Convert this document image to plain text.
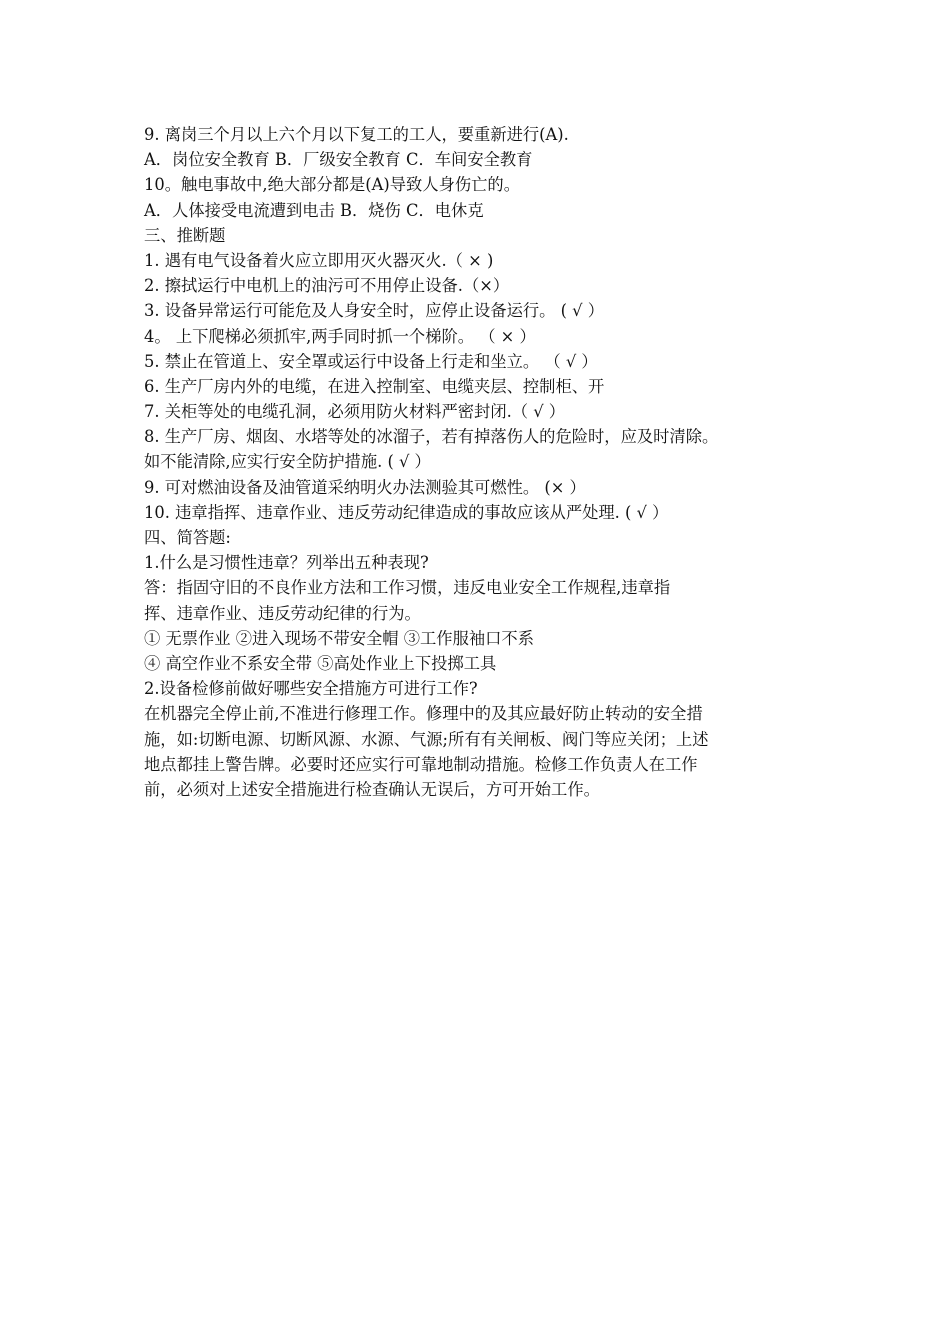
9. 离岗三个月以上六个月以下复工的工人，要重新进行(A).
A．岗位安全教育 B．厂级安全教育 C．车间安全教育
10。触电事故中,绝大部分都是(A)导致人身伤亡的。
A．人体接受电流遭到电击 B．烧伤 C．电休克
三、推断题
1. 遇有电气设备着火应立即用灭火器灭火.（ × )
2. 擦拭运行中电机上的油污可不用停止设备.（×）
3. 设备异常运行可能危及人身安全时，应停止设备运行。 ( √ ）
4。 上下爬梯必须抓牢,两手同时抓一个梯阶。 （ × ）
5. 禁止在管道上、安全罩或运行中设备上行走和坐立。 （ √ ）
6. 生产厂房内外的电缆，在进入控制室、电缆夹层、控制柜、开
7. 关柜等处的电缆孔洞，必须用防火材料严密封闭.（ √ ）
8. 生产厂房、烟囱、水塔等处的冰溜子，若有掉落伤人的危险时，应及时清除。
如不能清除,应实行安全防护措施. ( √ ）
9. 可对燃油设备及油管道采纳明火办法测验其可燃性。 (× ）
10. 违章指挥、违章作业、违反劳动纪律造成的事故应该从严处理. ( √ ）
四、简答题:
1.什么是习惯性违章？列举出五种表现?
答：指固守旧的不良作业方法和工作习惯，违反电业安全工作规程,违章指
挥、违章作业、违反劳动纪律的行为。
① 无票作业 ②进入现场不带安全帽 ③工作服袖口不系
④ 高空作业不系安全带 ⑤高处作业上下投掷工具
2.设备检修前做好哪些安全措施方可进行工作?
在机器完全停止前,不准进行修理工作。修理中的及其应最好防止转动的安全措
施，如:切断电源、切断风源、水源、气源;所有有关闸板、阀门等应关闭；上述
地点都挂上警告牌。必要时还应实行可靠地制动措施。检修工作负责人在工作
前，必须对上述安全措施进行检查确认无误后，方可开始工作。
